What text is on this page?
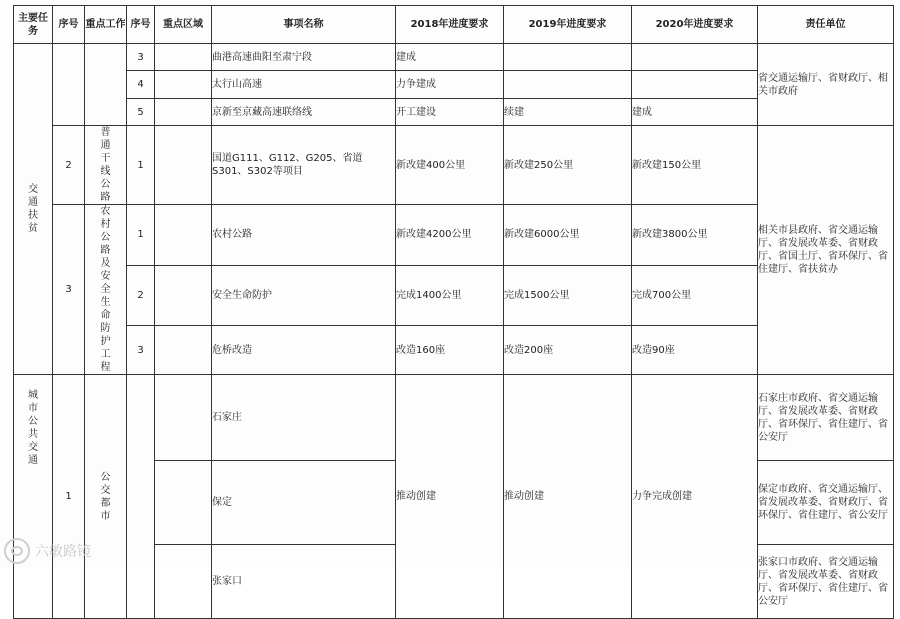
主要任务	序号	重点工作	序号	重点区域	事项名称	2018年进度要求	2019年进度要求	2020年进度要求	责任单位
交通扶贫			3		曲港高速曲阳至肃宁段	建成			省交通运输厅、省财政厅、相关市政府
			4		太行山高速	力争建成			
			5		京新至京藏高速联络线	开工建设	续建	建成	
	2	普通干线公路	1		国道G111、G112、G205、省道S301、S302等项目	新改建400公里	新改建250公里	新改建150公里	相关市县政府、省交通运输厅、省发展改革委、省财政厅、省国土厅、省环保厅、省住建厅、省扶贫办
	3	农村公路及安全生命防护工程	1		农村公路	新改建4200公里	新改建6000公里	新改建3800公里	
			2		安全生命防护	完成1400公里	完成1500公里	完成700公里	
			3		危桥改造	改造160座	改造200座	改造90座	
城市公共交通	1	公交都市			石家庄	推动创建	推动创建	力争完成创建	石家庄市政府、省交通运输厅、省发展改革委、省财政厅、省环保厅、省住建厅、省公安厅
					保定				保定市政府、省交通运输厅、省发展改革委、省财政厅、省环保厅、省住建厅、省公安厅
					张家口				张家口市政府、省交通运输厅、省发展改革委、省财政厅、省环保厅、省住建厅、省公安厅
六敏路镜
